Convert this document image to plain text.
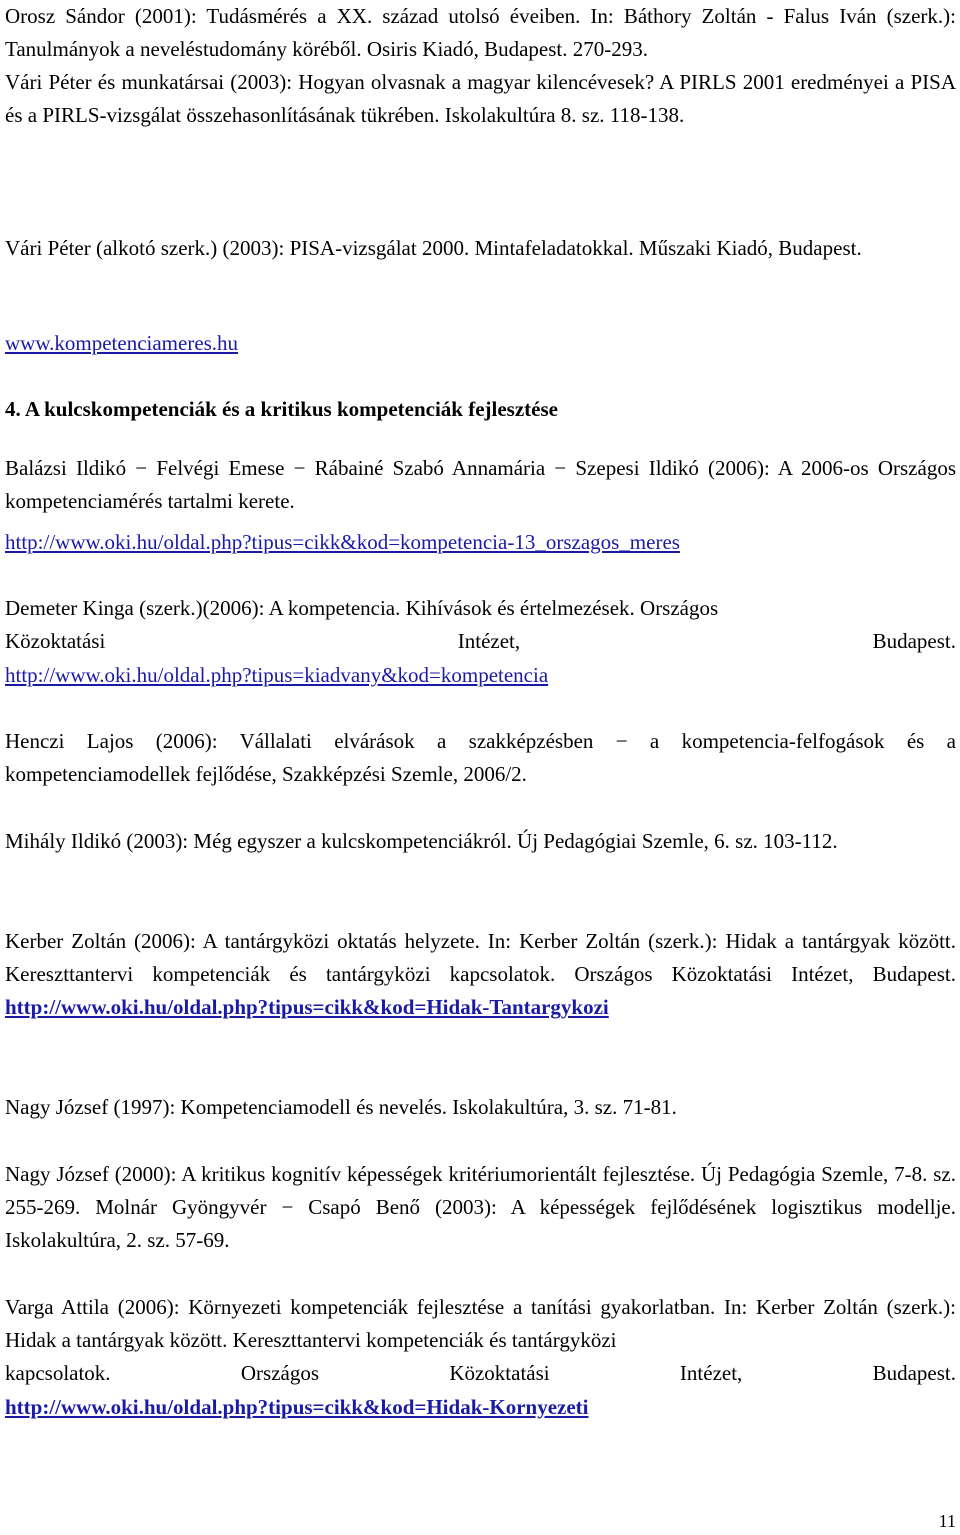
Orosz Sándor (2001): Tudásmérés a XX. század utolsó éveiben. In: Báthory Zoltán - Falus Iván (szerk.): Tanulmányok a neveléstudomány köréből. Osiris Kiadó, Budapest. 270-293.

Vári Péter és munkatársai (2003): Hogyan olvasnak a magyar kilencévesek? A PIRLS 2001 eredményei a PISA és a PIRLS-vizsgálat összehasonlításának tükrében. Iskolakultúra 8. sz. 118-138.

Vári Péter (alkotó szerk.) (2003): PISA-vizsgálat 2000. Mintafeladatokkal. Műszaki Kiadó, Budapest.

www.kompetenciameres.hu

4. A kulcskompetenciák és a kritikus kompetenciák fejlesztése

Balázsi Ildikó − Felvégi Emese − Rábainé Szabó Annamária − Szepesi Ildikó (2006): A 2006-os Országos kompetenciamérés tartalmi kerete.

http://www.oki.hu/oldal.php?tipus=cikk&kod=kompetencia-13_orszagos_meres

Demeter Kinga (szerk.)(2006): A kompetencia. Kihívások és értelmezések. Országos

Közoktatási	Intézet,	Budapest.

http://www.oki.hu/oldal.php?tipus=kiadvany&kod=kompetencia

Henczi Lajos (2006): Vállalati elvárások a szakképzésben − a kompetencia-felfogások és a kompetenciamodellek fejlődése, Szakképzési Szemle, 2006/2.

Mihály Ildikó (2003): Még egyszer a kulcskompetenciákról. Új Pedagógiai Szemle, 6. sz. 103-112.

Kerber Zoltán (2006): A tantárgyközi oktatás helyzete. In: Kerber Zoltán (szerk.): Hidak a tantárgyak között. Kereszttantervi kompetenciák és tantárgyközi kapcsolatok. Országos Közoktatási Intézet, Budapest. http://www.oki.hu/oldal.php?tipus=cikk&kod=Hidak-Tantargykozi

Nagy József (1997): Kompetenciamodell és nevelés. Iskolakultúra, 3. sz. 71-81.

Nagy József (2000): A kritikus kognitív képességek kritériumorientált fejlesztése. Új Pedagógia Szemle, 7-8. sz. 255-269. Molnár Gyöngyvér − Csapó Benő (2003): A képességek fejlődésének logisztikus modellje. Iskolakultúra, 2. sz. 57-69.

Varga Attila (2006): Környezeti kompetenciák fejlesztése a tanítási gyakorlatban. In: Kerber Zoltán (szerk.): Hidak a tantárgyak között. Kereszttantervi kompetenciák és tantárgyközi

kapcsolatok.	Országos	Közoktatási	Intézet,	Budapest.

http://www.oki.hu/oldal.php?tipus=cikk&kod=Hidak-Kornyezeti

11
